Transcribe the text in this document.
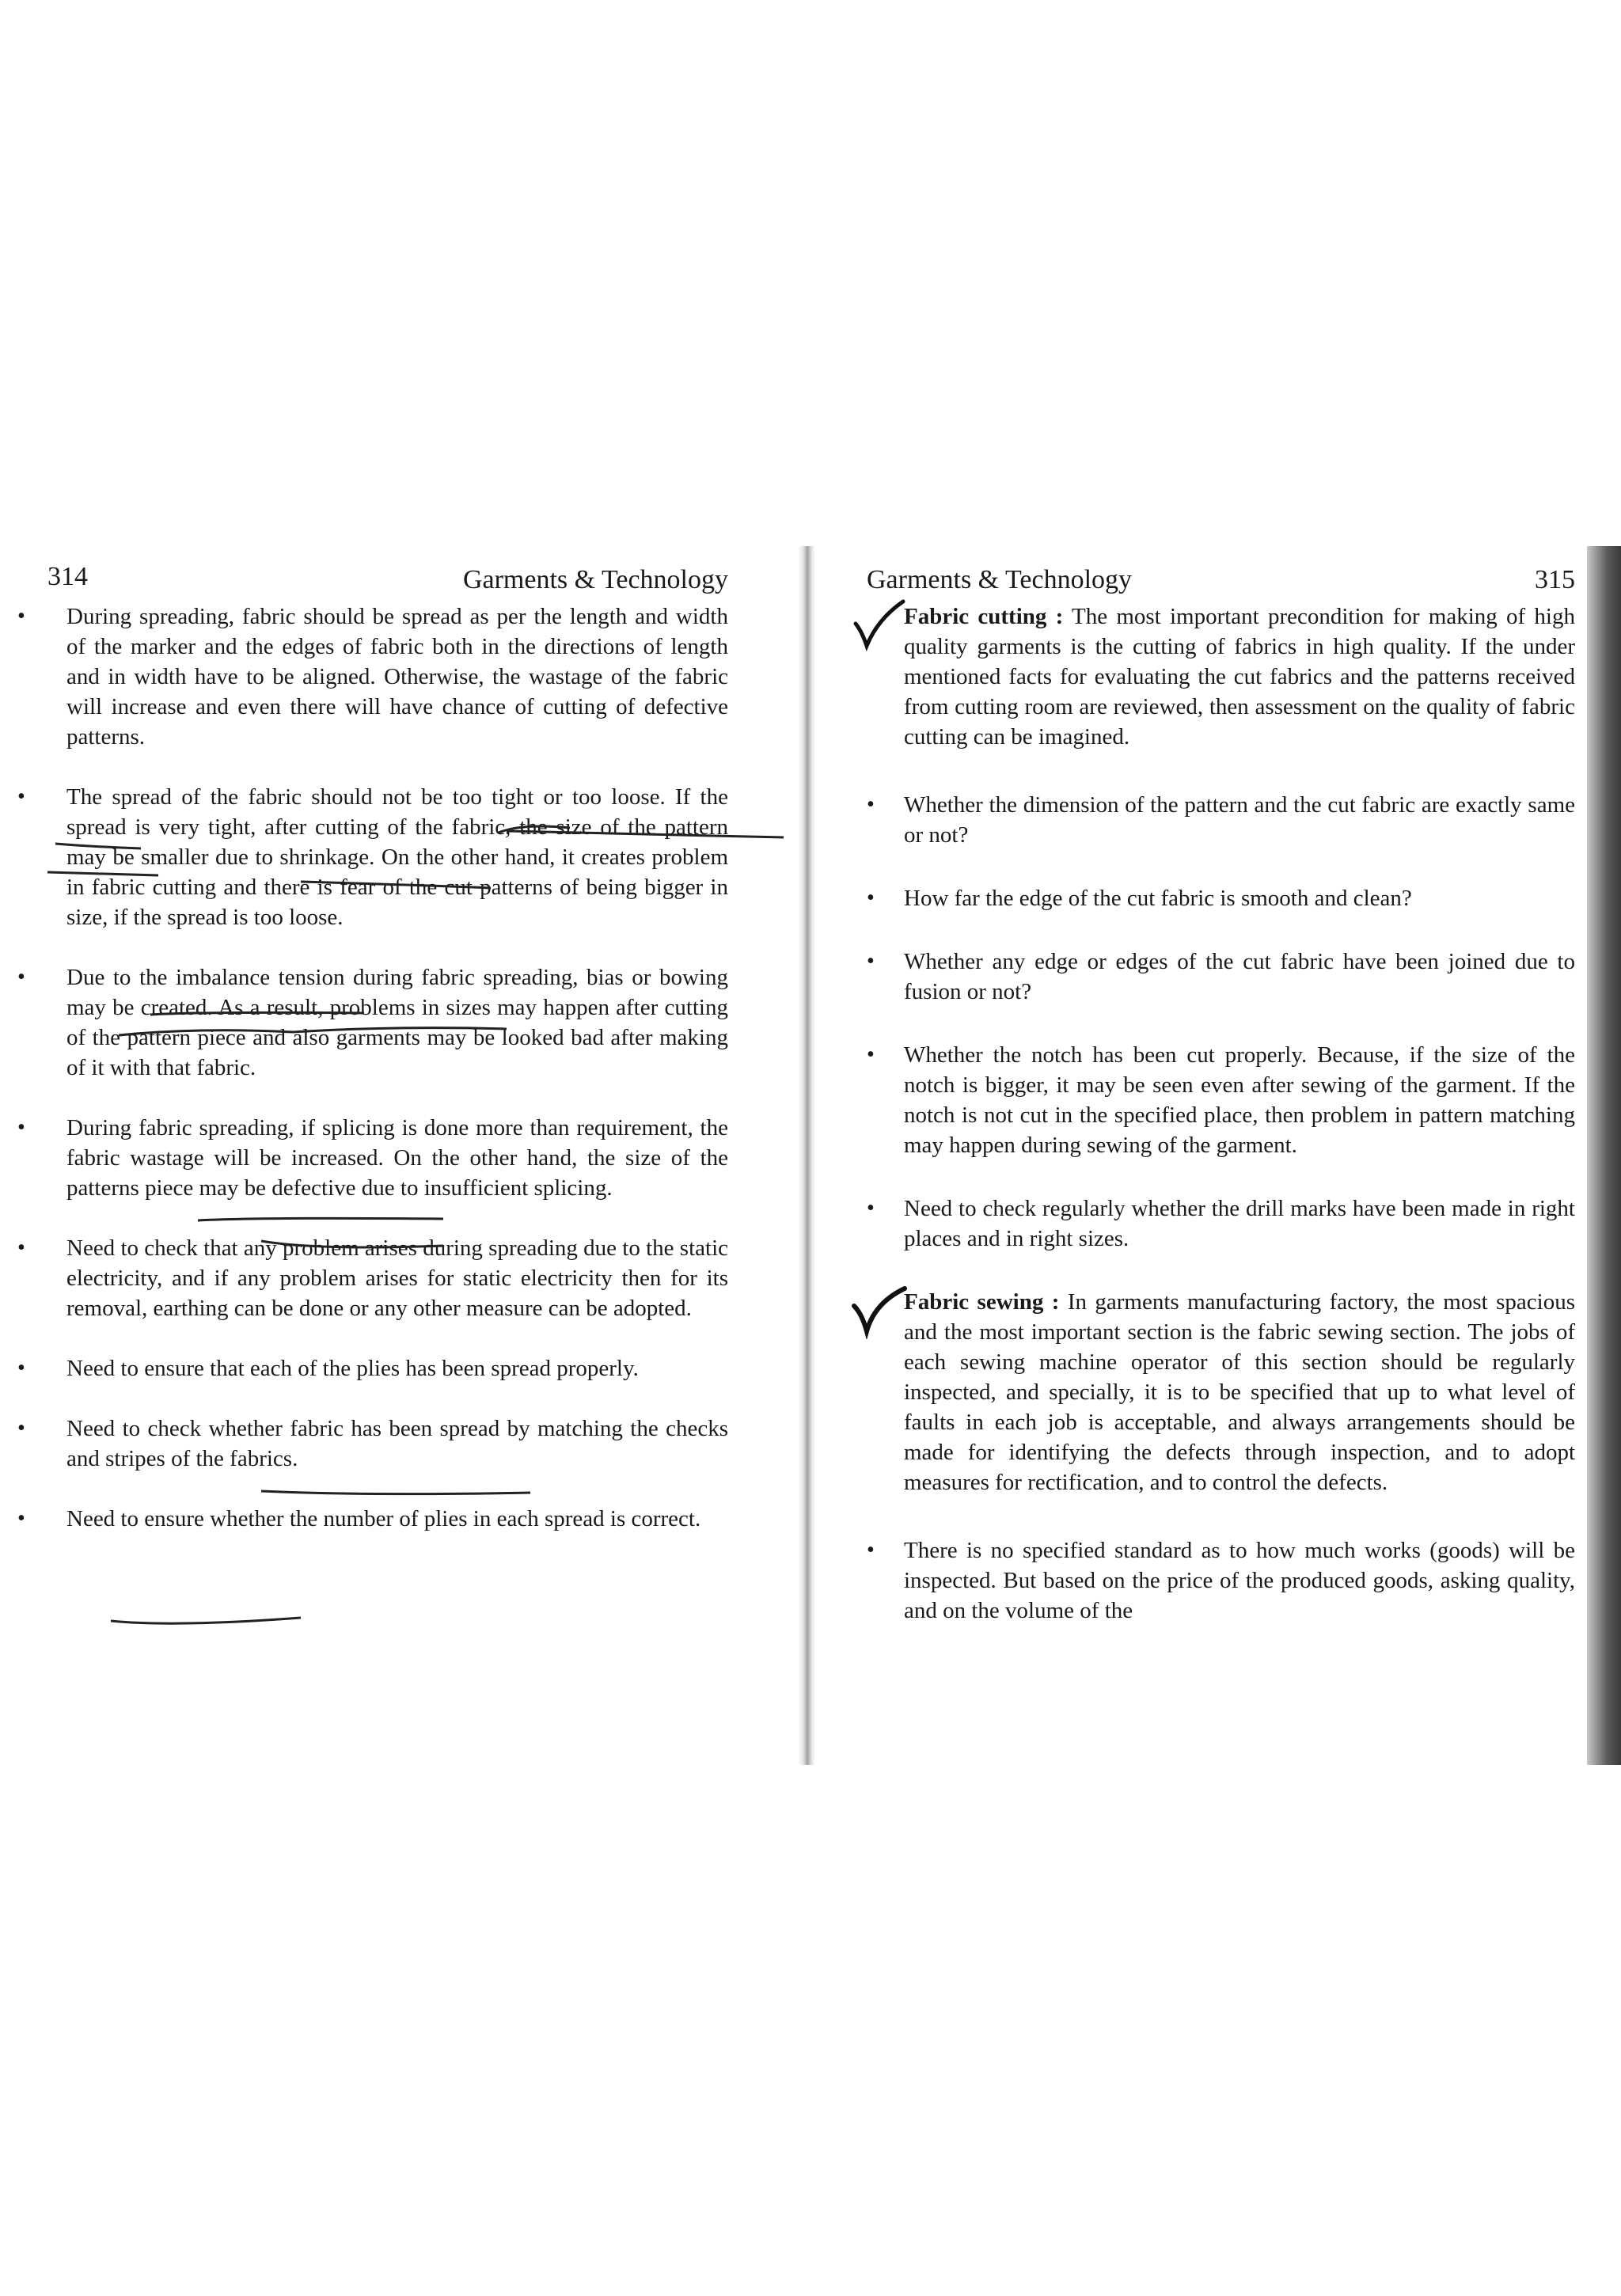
314	Garments & Technology
• During spreading, fabric should be spread as per the length and width of the marker and the edges of fabric both in the directions of length and in width have to be aligned. Otherwise, the wastage of the fabric will increase and even there will have chance of cutting of defective patterns.
• The spread of the fabric should not be too tight or too loose. If the spread is very tight, after cutting of the fabric, the size of the pattern may be smaller due to shrinkage. On the other hand, it creates problem in fabric cutting and there is fear of the cut patterns of being bigger in size, if the spread is too loose.
• Due to the imbalance tension during fabric spreading, bias or bowing may be created. As a result, problems in sizes may happen after cutting of the pattern piece and also garments may be looked bad after making of it with that fabric.
• During fabric spreading, if splicing is done more than requirement, the fabric wastage will be increased. On the other hand, the size of the patterns piece may be defective due to insufficient splicing.
• Need to check that any problem arises during spreading due to the static electricity, and if any problem arises for static electricity then for its removal, earthing can be done or any other measure can be adopted.
• Need to ensure that each of the plies has been spread properly.
• Need to check whether fabric has been spread by matching the checks and stripes of the fabrics.
• Need to ensure whether the number of plies in each spread is correct.
Garments & Technology	315
Fabric cutting : The most important precondition for making of high quality garments is the cutting of fabrics in high quality. If the under mentioned facts for evaluating the cut fabrics and the patterns received from cutting room are reviewed, then assessment on the quality of fabric cutting can be imagined.
• Whether the dimension of the pattern and the cut fabric are exactly same or not?
• How far the edge of the cut fabric is smooth and clean?
• Whether any edge or edges of the cut fabric have been joined due to fusion or not?
• Whether the notch has been cut properly. Because, if the size of the notch is bigger, it may be seen even after sewing of the garment. If the notch is not cut in the specified place, then problem in pattern matching may happen during sewing of the garment.
• Need to check regularly whether the drill marks have been made in right places and in right sizes.
Fabric sewing : In garments manufacturing factory, the most spacious and the most important section is the fabric sewing section. The jobs of each sewing machine operator of this section should be regularly inspected, and specially, it is to be specified that up to what level of faults in each job is acceptable, and always arrangements should be made for identifying the defects through inspection, and to adopt measures for rectification, and to control the defects.
• There is no specified standard as to how much works (goods) will be inspected. But based on the price of the produced goods, asking quality, and on the volume of the
